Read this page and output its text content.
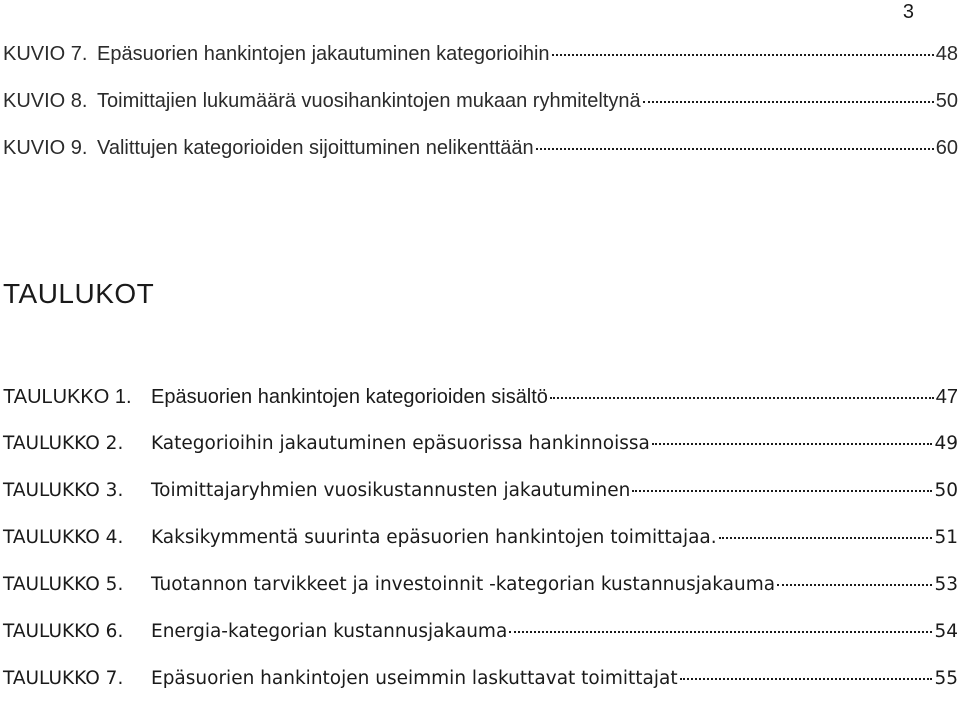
3
KUVIO 7. Epäsuorien hankintojen jakautuminen kategorioihin	48
KUVIO 8. Toimittajien lukumäärä vuosihankintojen mukaan ryhmiteltynä	50
KUVIO 9. Valittujen kategorioiden sijoittuminen nelikenttään	60
TAULUKOT
TAULUKKO 1. Epäsuorien hankintojen kategorioiden sisältö	47
TAULUKKO 2.	Kategorioihin jakautuminen epäsuorissa hankinnoissa	49
TAULUKKO 3.	Toimittajaryhmien vuosikustannusten jakautuminen	50
TAULUKKO 4.	Kaksikymmentä suurinta epäsuorien hankintojen toimittajaa.	51
TAULUKKO 5.	Tuotannon tarvikkeet ja investoinnit -kategorian kustannusjakauma	53
TAULUKKO 6.	Energia-kategorian kustannusjakauma	54
TAULUKKO 7.	Epäsuorien hankintojen useimmin laskuttavat toimittajat	55
